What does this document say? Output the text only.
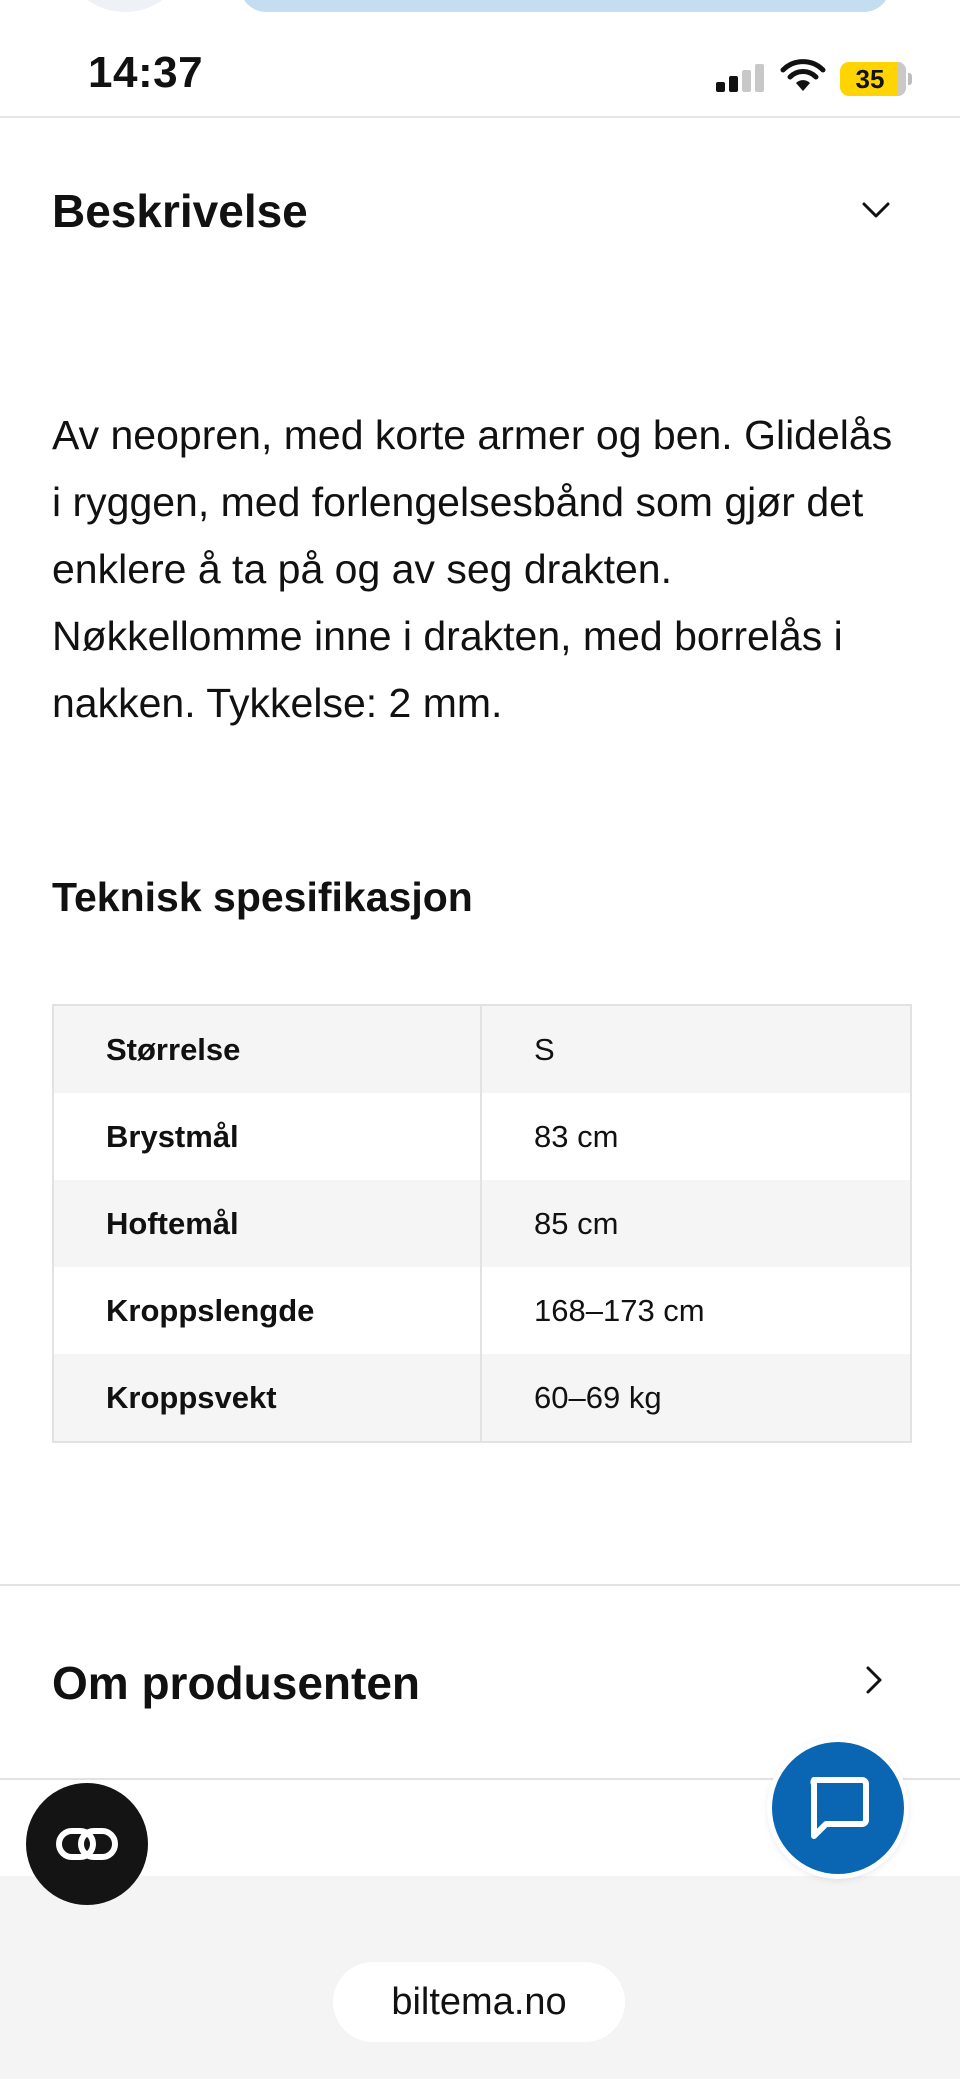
14:37	35
Beskrivelse

Av neopren, med korte armer og ben. Glidelås i ryggen, med forlengelsesbånd som gjør det enklere å ta på og av seg drakten. Nøkkellomme inne i drakten, med borrelås i nakken. Tykkelse: 2 mm.

Teknisk spesifikasjon
Størrelse	S
Brystmål	83 cm
Hoftemål	85 cm
Kroppslengde	168–173 cm
Kroppsvekt	60–69 kg
Om produsenten
biltema.no
